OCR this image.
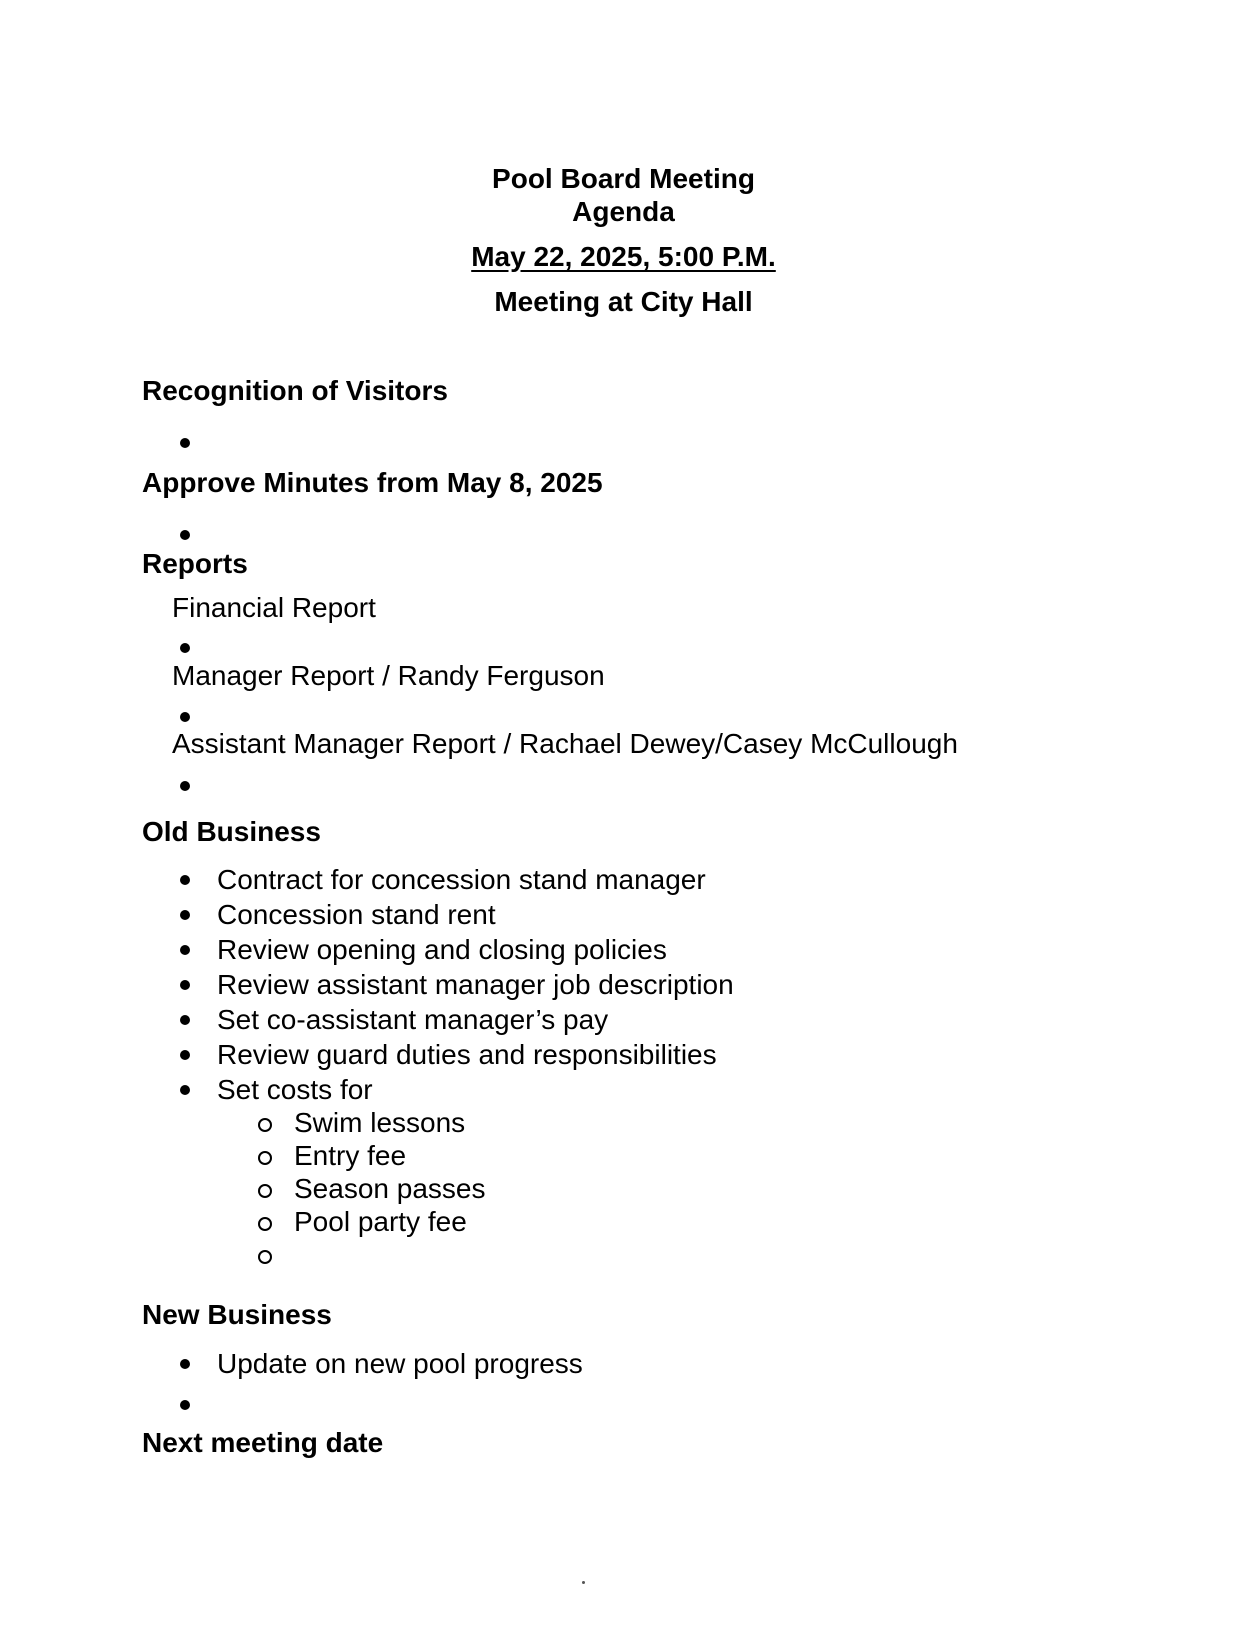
Pool Board Meeting
Agenda
May 22, 2025, 5:00 P.M.
Meeting at City Hall
Recognition of Visitors
Approve Minutes from May 8, 2025
Reports
Financial Report
Manager Report / Randy Ferguson
Assistant Manager Report / Rachael Dewey/Casey McCullough
Old Business
Contract for concession stand manager
Concession stand rent
Review opening and closing policies
Review assistant manager job description
Set co-assistant manager’s pay
Review guard duties and responsibilities
Set costs for
Swim lessons
Entry fee
Season passes
Pool party fee
New Business
Update on new pool progress
Next meeting date
